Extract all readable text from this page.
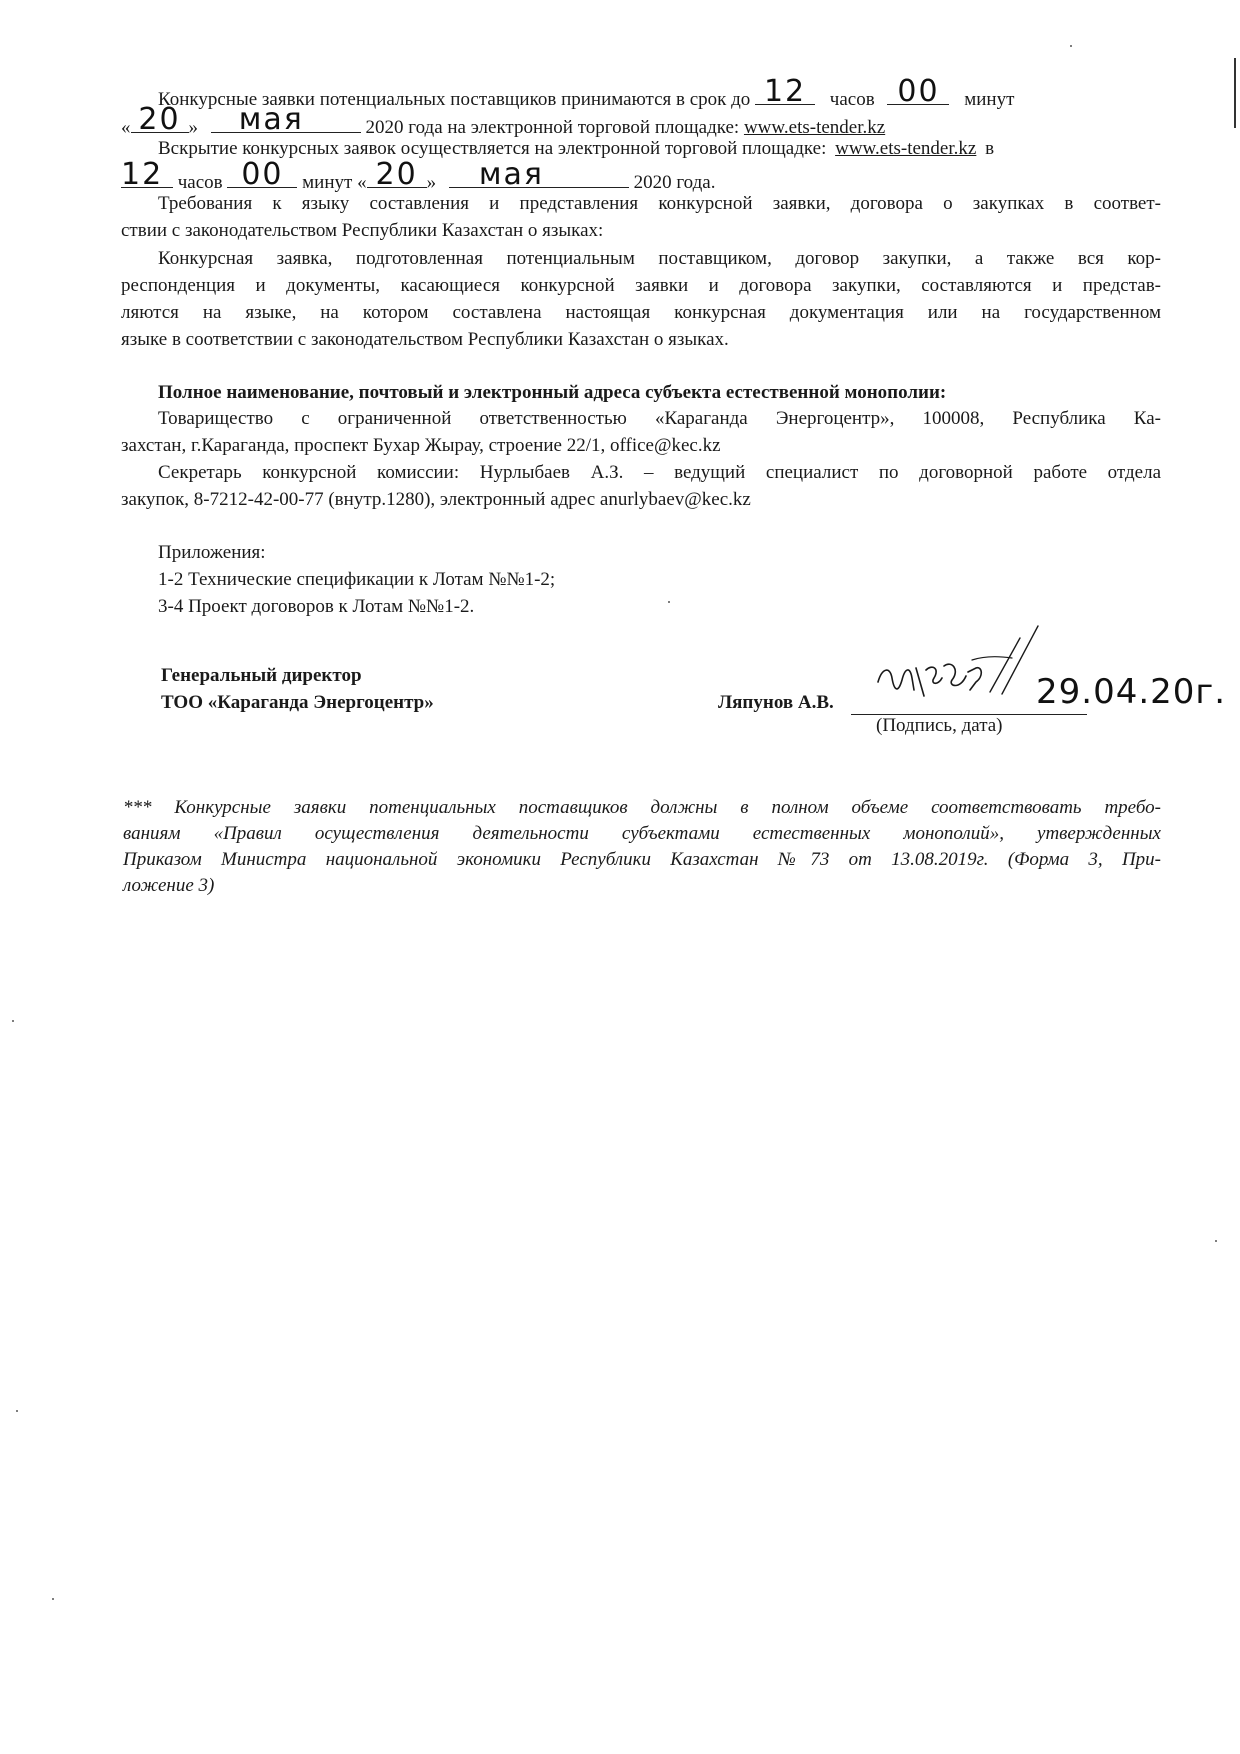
Конкурсные заявки потенциальных поставщиков принимаются в срок до 12	часов 00	минут
« 20 »	мая	2020 года на электронной торговой площадке: www.ets-tender.kz
Вскрытие конкурсных заявок осуществляется на электронной торговой площадке: www.ets-tender.kz в
12 часов 00 минут « 20 »	мая	2020 года.
Требования к языку составления и представления конкурсной заявки, договора о закупках в соответ-
ствии с законодательством Республики Казахстан о языках:
Конкурсная заявка, подготовленная потенциальным поставщиком, договор закупки, а также вся кор-
респонденция и документы, касающиеся конкурсной заявки и договора закупки, составляются и представ-
ляются на языке, на котором составлена настоящая конкурсная документация или на государственном
языке в соответствии с законодательством Республики Казахстан о языках.
Полное наименование, почтовый и электронный адреса субъекта естественной монополии:
Товарищество с ограниченной ответственностью «Караганда Энергоцентр», 100008, Республика Ка-
захстан, г.Караганда, проспект Бухар Жырау, строение 22/1, office@kec.kz
Секретарь конкурсной комиссии: Нурлыбаев А.З. – ведущий специалист по договорной работе отдела
закупок, 8-7212-42-00-77 (внутр.1280), электронный адрес anurlybaev@kec.kz
Приложения:
1-2 Технические спецификации к Лотам №№1-2;
3-4 Проект договоров к Лотам №№1-2.
Генеральный директор
ТОО «Караганда Энергоцентр»	Ляпунов А.В.	29.04.20г.
(Подпись, дата)
*** Конкурсные заявки потенциальных поставщиков должны в полном объеме соответствовать требо-
ваниям «Правил осуществления деятельности субъектами естественных монополий», утвержденных
Приказом Министра национальной экономики Республики Казахстан №73 от 13.08.2019г. (Форма 3, При-
ложение 3)
